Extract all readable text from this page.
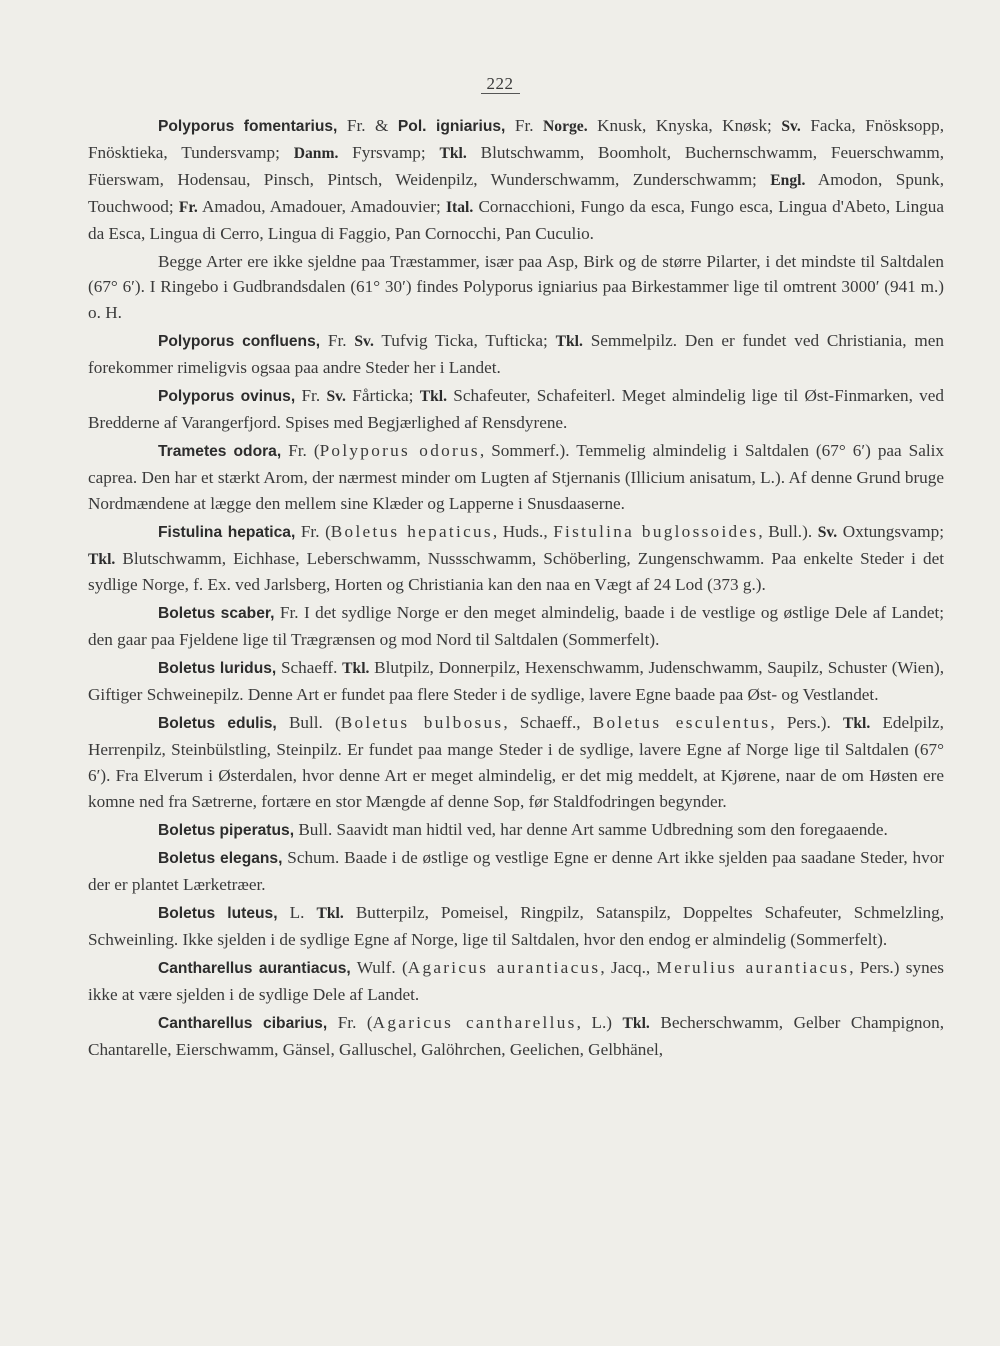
222

Polyporus fomentarius, Fr. & Pol. igniarius, Fr. Norge. Knusk, Knyska, Knøsk; Sv. Facka, Fnösksopp, Fnösktieka, Tundersvamp; Danm. Fyrsvamp; Tkl. Blutschwamm, Boomholt, Buchernschwamm, Feuerschwamm, Füerswam, Hodensau, Pinsch, Pintsch, Weidenpilz, Wunderschwamm, Zunderschwamm; Engl. Amodon, Spunk, Touchwood; Fr. Amadou, Amadouer, Amadouvier; Ital. Cornacchioni, Fungo da esca, Fungo esca, Lingua d'Abeto, Lingua da Esca, Lingua di Cerro, Lingua di Faggio, Pan Cornocchi, Pan Cuculio.

Begge Arter ere ikke sjeldne paa Træstammer, især paa Asp, Birk og de større Pilarter, i det mindste til Saltdalen (67° 6′). I Ringebo i Gudbrandsdalen (61° 30′) findes Polyporus igniarius paa Birkestammer lige til omtrent 3000′ (941 m.) o. H.

Polyporus confluens, Fr. Sv. Tufvig Ticka, Tufticka; Tkl. Semmelpilz. Den er fundet ved Christiania, men forekommer rimeligvis ogsaa paa andre Steder her i Landet.

Polyporus ovinus, Fr. Sv. Fårticka; Tkl. Schafeuter, Schafeiterl. Meget almindelig lige til Øst-Finmarken, ved Bredderne af Varangerfjord. Spises med Begjærlighed af Rensdyrene.

Trametes odora, Fr. (Polyporus odorus, Sommerf.). Temmelig almindelig i Saltdalen (67° 6′) paa Salix caprea. Den har et stærkt Arom, der nærmest minder om Lugten af Stjernanis (Illicium anisatum, L.). Af denne Grund bruge Nordmændene at lægge den mellem sine Klæder og Lapperne i Snusdaaserne.

Fistulina hepatica, Fr. (Boletus hepaticus, Huds., Fistulina buglossoides, Bull.). Sv. Oxtungsvamp; Tkl. Blutschwamm, Eichhase, Leberschwamm, Nussschwamm, Schöberling, Zungenschwamm. Paa enkelte Steder i det sydlige Norge, f. Ex. ved Jarlsberg, Horten og Christiania kan den naa en Vægt af 24 Lod (373 g.).

Boletus scaber, Fr. I det sydlige Norge er den meget almindelig, baade i de vestlige og østlige Dele af Landet; den gaar paa Fjeldene lige til Trægrænsen og mod Nord til Saltdalen (Sommerfelt).

Boletus luridus, Schaeff. Tkl. Blutpilz, Donnerpilz, Hexenschwamm, Judenschwamm, Saupilz, Schuster (Wien), Giftiger Schweinepilz. Denne Art er fundet paa flere Steder i de sydlige, lavere Egne baade paa Øst- og Vestlandet.

Boletus edulis, Bull. (Boletus bulbosus, Schaeff., Boletus esculentus, Pers.). Tkl. Edelpilz, Herrenpilz, Steinbülstling, Steinpilz. Er fundet paa mange Steder i de sydlige, lavere Egne af Norge lige til Saltdalen (67° 6′). Fra Elverum i Østerdalen, hvor denne Art er meget almindelig, er det mig meddelt, at Kjørene, naar de om Høsten ere komne ned fra Sætrerne, fortære en stor Mængde af denne Sop, før Staldfodringen begynder.

Boletus piperatus, Bull. Saavidt man hidtil ved, har denne Art samme Udbredning som den foregaaende.

Boletus elegans, Schum. Baade i de østlige og vestlige Egne er denne Art ikke sjelden paa saadane Steder, hvor der er plantet Lærketræer.

Boletus luteus, L. Tkl. Butterpilz, Pomeisel, Ringpilz, Satanspilz, Doppeltes Schafeuter, Schmelzling, Schweinling. Ikke sjelden i de sydlige Egne af Norge, lige til Saltdalen, hvor den endog er almindelig (Sommerfelt).

Cantharellus aurantiacus, Wulf. (Agaricus aurantiacus, Jacq., Merulius aurantiacus, Pers.) synes ikke at være sjelden i de sydlige Dele af Landet.

Cantharellus cibarius, Fr. (Agaricus cantharellus, L.) Tkl. Becherschwamm, Gelber Champignon, Chantarelle, Eierschwamm, Gänsel, Galluschel, Galöhrchen, Geelichen, Gelbhänel,
